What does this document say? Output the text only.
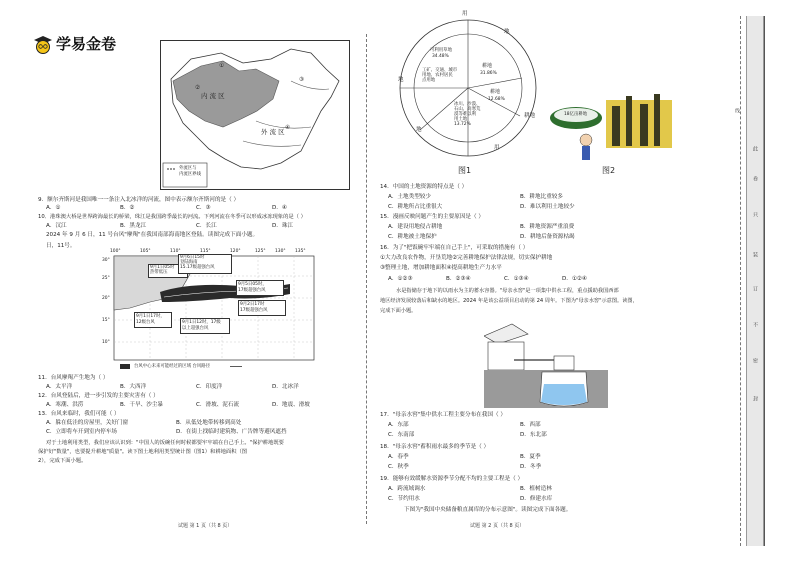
学易金卷
内 流 区
外 流 区
①
②
③
④
外流区与
内流区界线
9．额尔齐斯河是我国唯一一条注入北冰洋的河流，图中表示额尔齐斯河的是（ ）
A．①	B．②	C．③	D．④
10．港珠澳大桥是世界跨海最长的桥梁，珠江是我国跨季最长的河流。下列河流在冬季可以形成冰冻现象的是（ ）
A．汉江	B．黑龙江	C．长江	D．珠江
2024 年 9 月 6 日，11 号台风"摩羯"在我国南部海南地区登陆。读图完成下面小题。
日，11号。
100°	105°	110°	115°	120°	125° 130° 135°
30°
25°
20°
15°
10°
9月1日05时
热带低压
9月6日15时
登陆海南
15.17级超强台风
9月5日05时，
17级超强台风
9月1日17时，
12级台风
9月2日17时
17级超强台风
9月1日12时，17级
以上超强台风
台风中心未来可能经过的区域 台风路径
11．台风摩羯产生地为（ ）
A．太平洋	B．大西洋	C．印度洋	D．北冰洋
12．台风登陆后，进一步引发的主要灾害有（ ）
A．寒潮、洪涝	B．干旱、沙尘暴	C．滑坡、泥石流	D．地震、滑坡
13．台风来临时，我们可能（ ）
A．躲在低洼的房屋里，关好门窗	B．从低处地带转移到高处
C．立即将车开到室内停车场	D．在街上找临时建筑物、广告牌等避风遮挡
对于土地利用类型，我们应该认识到："中国人的饭碗任何时候都要牢牢端在自己手上。"保护耕地既要
保护好"数量"，也要提升耕地"质量"。读下图土地利用类型统计图（图1）和耕地面积（图
2），完成下面小题。
试题 第 1 页（共 8 页）
用
地
耕地
用
地
地
可利用草地
34.48%
工矿、交通、城市
用地、农村居民
点用地
耕地
31.86%
耕地
12.68%
冰川、沙漠、
石山、高寒荒
漠等难以利
用土地
13.72%
图1
18亿亩耕地
图2
14．中国的土地资源的特点是（ ）
A．土地类型较少	B．耕地比重较多
C．耕地所占比重很大	D．难以利用土地较少
15．漫画反映问题产生的主要原因是（ ）
A．建设用地侵占耕地	B．耕地资源严重浪费
C．耕地被土地保护	D．耕地后备资源枯竭
16．为了"把饭碗牢牢端在自己手上"，可采取的措施有（ ）
①大力改良农作物，开垦荒地②完善耕地保护法律法规，切实保护耕地
③整理土地，增加耕地面积④提高耕地生产力水平
A．①②③	B．②③④	C．①③④	D．①②④
水是指储存于地下的以雨水为主的蓄水容器。"母亲水窖"是一项集中供水工程，重点援助我国西部
地区经济发展较落后和缺水的地区。2024 年是该公益项目启动的第 24 周年。下图为"母亲水窖"示意图。读图，
完成下面小题。
17．"母亲水窖"集中供水工程主要分布在我国（ ）
A．东部	B．西部
C．东南部	D．东北部
18．"母亲水窖"蓄积雨水最多的季节是（ ）
A．春季	B．夏季
C．秋季	D．冬季
19．能够有效缓解水资源季节分配不均的主要工程是（ ）
A．跨流域调水	B．植树造林
C．节约用水	D．修建水库
下图为"我国中央储备粮直属库的分布示意图"。读图完成下面各题。
试题 第 2 页（共 8 页）
线
此
卷
只
装
订
不
密
封
